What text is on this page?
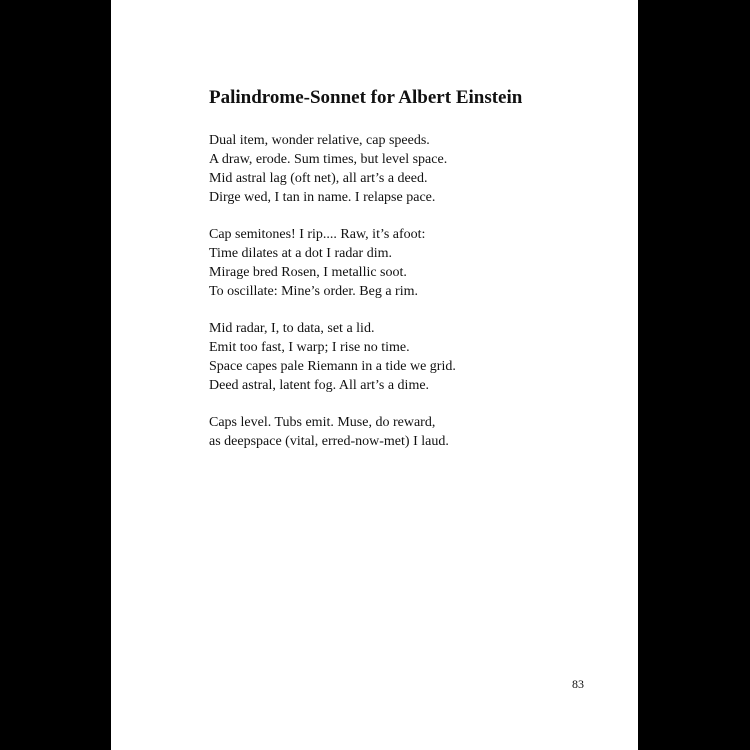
Palindrome-Sonnet for Albert Einstein
Dual item, wonder relative, cap speeds.
A draw, erode. Sum times, but level space.
Mid astral lag (oft net), all art’s a deed.
Dirge wed, I tan in name. I relapse pace.
Cap semitones! I rip.... Raw, it’s afoot:
Time dilates at a dot I radar dim.
Mirage bred Rosen, I metallic soot.
To oscillate: Mine’s order. Beg a rim.
Mid radar, I, to data, set a lid.
Emit too fast, I warp; I rise no time.
Space capes pale Riemann in a tide we grid.
Deed astral, latent fog. All art’s a dime.
Caps level. Tubs emit. Muse, do reward,
as deepspace (vital, erred-now-met) I laud.
83
